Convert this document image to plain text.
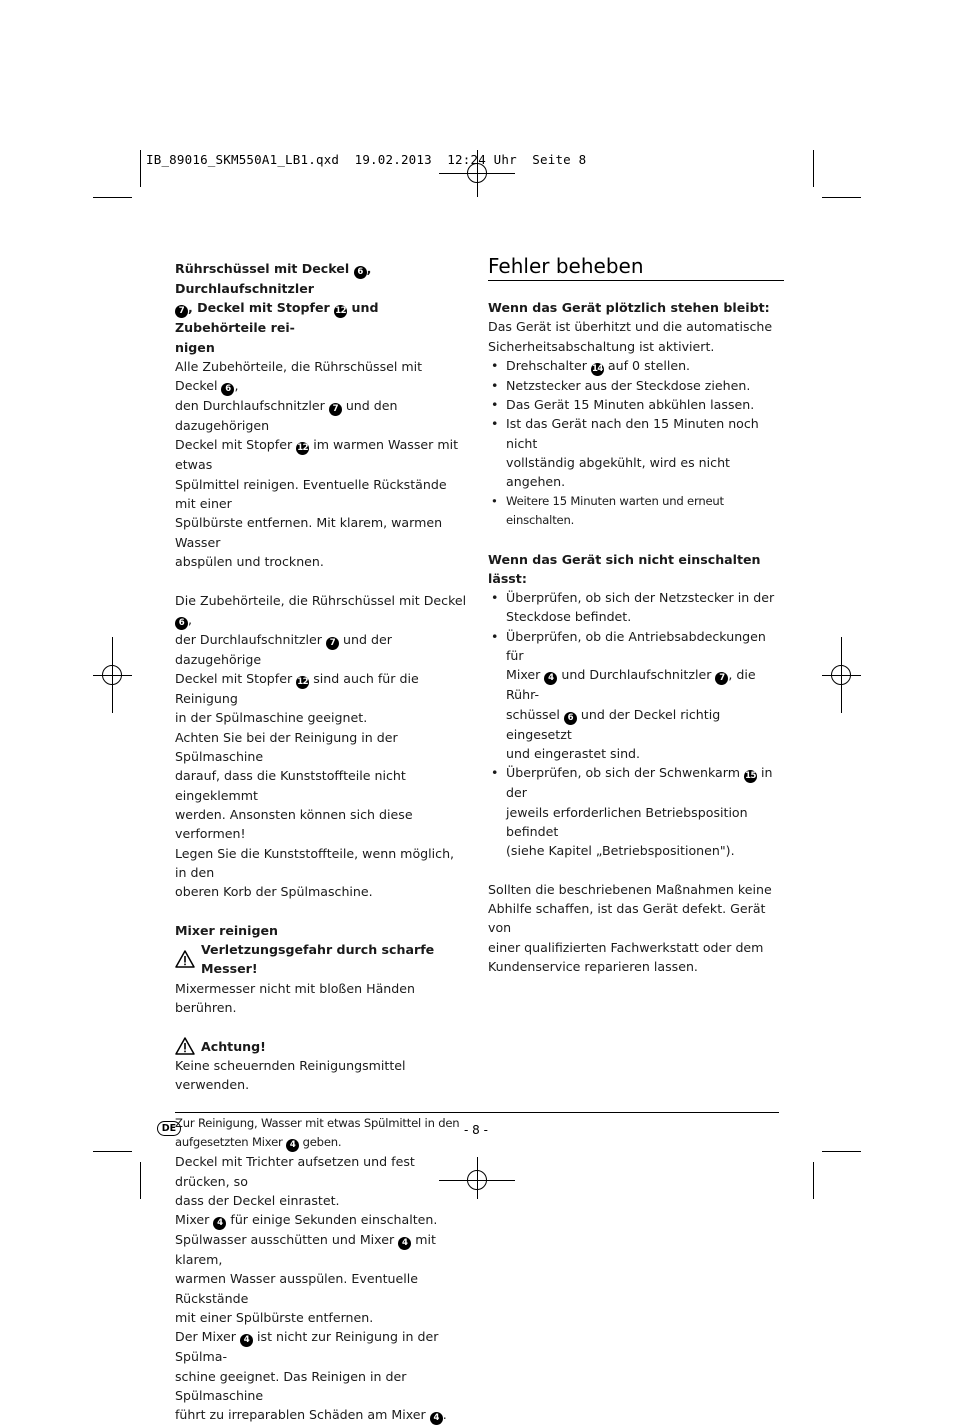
IB_89016_SKM550A1_LB1.qxd  19.02.2013  12:24 Uhr  Seite 8

Rührschüssel mit Deckel 6 , Durchlaufschnitzler

7 , Deckel mit Stopfer 12 und Zubehörteile rei-

nigen

Alle Zubehörteile, die Rührschüssel mit Deckel 6 ,

den Durchlaufschnitzler 7 und den dazugehörigen

Deckel mit Stopfer 12 im warmen Wasser mit etwas

Spülmittel reinigen. Eventuelle Rückstände mit einer

Spülbürste entfernen. Mit klarem, warmen Wasser

abspülen und trocknen.

Die Zubehörteile, die Rührschüssel mit Deckel 6 ,

der Durchlaufschnitzler 7 und der dazugehörige

Deckel mit Stopfer 12 sind auch für die Reinigung

in der Spülmaschine geeignet.

Achten Sie bei der Reinigung in der Spülmaschine

darauf, dass die Kunststoffteile nicht eingeklemmt

werden. Ansonsten können sich diese verformen!

Legen Sie die Kunststoffteile, wenn möglich, in den

oberen Korb der Spülmaschine.

Mixer reinigen

Verletzungsgefahr durch scharfe Messer!

Mixermesser nicht mit bloßen Händen berühren.

Achtung!

Keine scheuernden Reinigungsmittel verwenden.

Zur Reinigung, Wasser mit etwas Spülmittel in den

aufgesetzten Mixer 4 geben.

Deckel mit Trichter aufsetzen und fest drücken, so

dass der Deckel einrastet.

Mixer 4 für einige Sekunden einschalten.

Spülwasser ausschütten und Mixer 4 mit klarem,

warmen Wasser ausspülen. Eventuelle Rückstände

mit einer Spülbürste entfernen.

Der Mixer 4 ist nicht zur Reinigung in der Spülma-

schine geeignet. Das Reinigen in der Spülmaschine

führt zu irreparablen Schäden am Mixer 4 .

Fehler beheben

Wenn das Gerät plötzlich stehen bleibt:

Das Gerät ist überhitzt und die automatische

Sicherheitsabschaltung ist aktiviert.

• Drehschalter 14 auf 0 stellen.
• Netzstecker aus der Steckdose ziehen.
• Das Gerät 15 Minuten abkühlen lassen.
• Ist das Gerät nach den 15 Minuten noch nicht
vollständig abgekühlt, wird es nicht angehen.
• Weitere 15 Minuten warten und erneut einschalten.

Wenn das Gerät sich nicht einschalten lässt:

• Überprüfen, ob sich der Netzstecker in der
Steckdose befindet.
• Überprüfen, ob die Antriebsabdeckungen für
Mixer 4 und Durchlaufschnitzler 7 , die Rühr-
schüssel 6 und der Deckel richtig eingesetzt
und eingerastet sind.
• Überprüfen, ob sich der Schwenkarm 15 in der
jeweils erforderlichen Betriebsposition befindet
(siehe Kapitel „Betriebspositionen").

Sollten die beschriebenen Maßnahmen keine

Abhilfe schaffen, ist das Gerät defekt. Gerät von

einer qualifizierten Fachwerkstatt oder dem

Kundenservice reparieren lassen.

DE	- 8 -
